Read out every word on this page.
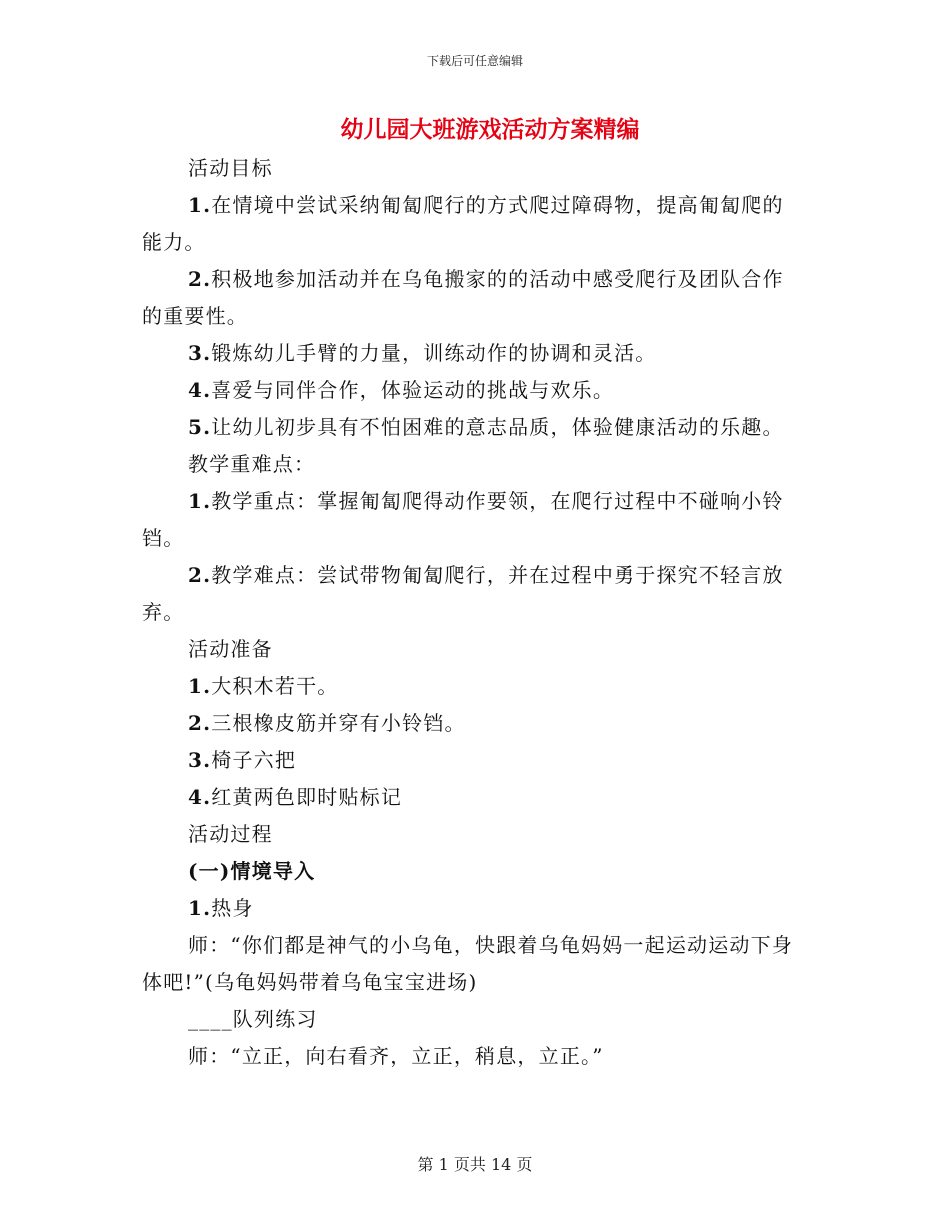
下载后可任意编辑
幼儿园大班游戏活动方案精编

活动目标

1.在情境中尝试采纳匍匐爬行的方式爬过障碍物，提高匍匐爬的能力。

2.积极地参加活动并在乌龟搬家的的活动中感受爬行及团队合作的重要性。

3.锻炼幼儿手臂的力量，训练动作的协调和灵活。

4.喜爱与同伴合作，体验运动的挑战与欢乐。

5.让幼儿初步具有不怕困难的意志品质，体验健康活动的乐趣。

教学重难点：

1.教学重点：掌握匍匐爬得动作要领，在爬行过程中不碰响小铃铛。

2.教学难点：尝试带物匍匐爬行，并在过程中勇于探究不轻言放弃。

活动准备

1.大积木若干。

2.三根橡皮筋并穿有小铃铛。

3.椅子六把

4.红黄两色即时贴标记

活动过程

(一)情境导入

1.热身

师：“你们都是神气的小乌龟，快跟着乌龟妈妈一起运动运动下身体吧!”(乌龟妈妈带着乌龟宝宝进场)

____队列练习

师：“立正，向右看齐，立正，稍息，立正。”

第 1 页共 14 页
